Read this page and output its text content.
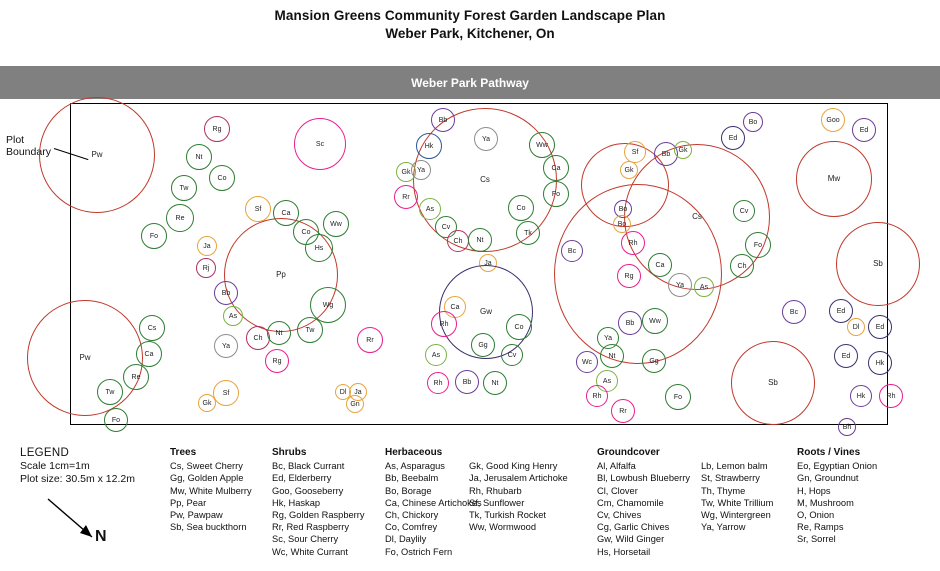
Mansion Greens Community Forest Garden Landscape Plan
Weber Park, Kitchener, On
Weber Park Pathway
Plot
Boundary	Pw
Rg
Nt
Co
Tw
Re
Fo
Sc
Pp
Sf
Ca
Co
Ww
Hs
Ja
Rj
Bb
As
Wg
Nt	Tw
Ch
Ya
Rg
Rr
Pw
Cs
Ca
Re
Tw
Fo
Sf
Gk
Dl Ja
Gn
Cs
Bb
Hk
Ya
Ww
Ca
Fo
Gk Ya
Rr
As	Co
Cv
Ch Nt
Tk
Ja
Bc
Gw
Ca
Rh	Co
Gg
As	Cv
Rh	Bb	Nt
Cs
Sf	Bb
Gk
Gk
Ed
Bo
Bo
Bo
Rh
Cv
Fo
Ch
Ca
Rg
Ya As
Goo
Ed
Mw
Sb
Bc	Ed
Dl Ed
Ed
Hk
Hk	Rh
Bh
Sb
Ya
Bb Ww
Wc
Nt
Gg
As
Fo
Rh
Rr
LEGEND
Scale 1cm=1m
Plot size: 30.5m x 12.2m
N
Trees
Cs, Sweet Cherry
Gg, Golden Apple
Mw, White Mulberry
Pp, Pear
Pw, Pawpaw
Sb, Sea buckthorn
Shrubs
Bc, Black Currant
Ed, Elderberry
Goo, Gooseberry
Hk, Haskap
Rg, Golden Raspberry
Rr, Red Raspberry
Sc, Sour Cherry
Wc, White Currant
Herbaceous
As, Asparagus
Bb, Beebalm
Bo, Borage
Ca, Chinese Artichokes
Ch, Chickory
Co, Comfrey
Dl, Daylily
Fo, Ostrich Fern

Gk, Good King Henry
Ja, Jerusalem Artichoke
Rh, Rhubarb
Sf, Sunflower
Tk, Turkish Rocket
Ww, Wormwood
Groundcover
Al, Alfalfa
Bl, Lowbush Blueberry
Cl, Clover
Cm, Chamomile
Cv, Chives
Cg, Garlic Chives
Gw, Wild Ginger
Hs, Horsetail

Lb, Lemon balm
St, Strawberry
Th, Thyme
Tw, White Trillium
Wg, Wintergreen
Ya, Yarrow
Roots / Vines
Eo, Egyptian Onion
Gn, Groundnut
H, Hops
M, Mushroom
O, Onion
Re, Ramps
Sr, Sorrel
